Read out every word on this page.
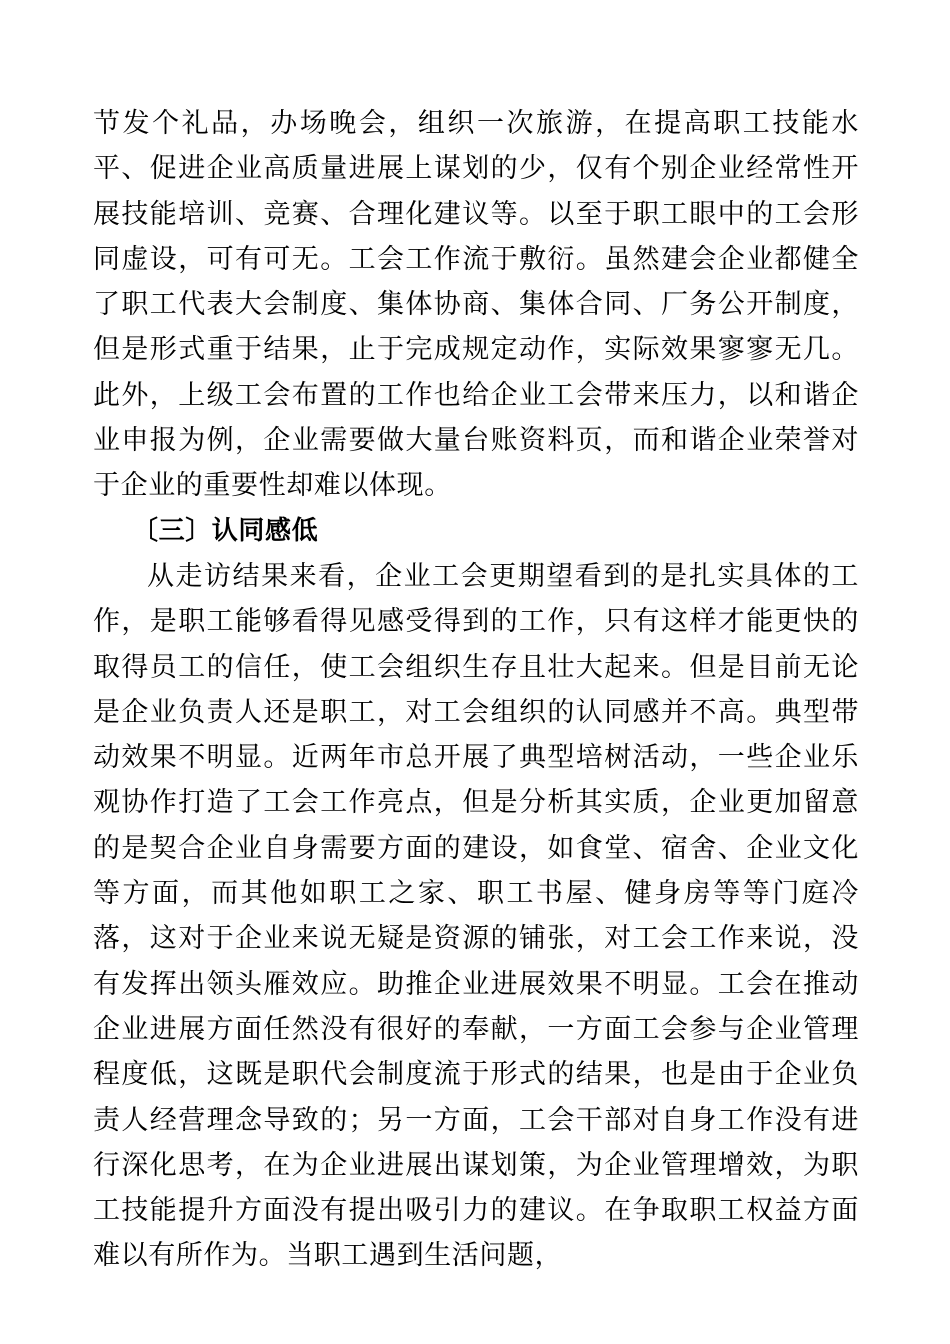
节发个礼品，办场晚会，组织一次旅游，在提高职工技能水平、促进企业高质量进展上谋划的少，仅有个别企业经常性开展技能培训、竞赛、合理化建议等。以至于职工眼中的工会形同虚设，可有可无。工会工作流于敷衍。虽然建会企业都健全了职工代表大会制度、集体协商、集体合同、厂务公开制度，但是形式重于结果，止于完成规定动作，实际效果寥寥无几。此外，上级工会布置的工作也给企业工会带来压力，以和谐企业申报为例，企业需要做大量台账资料页，而和谐企业荣誉对于企业的重要性却难以体现。

〔三〕认同感低

从走访结果来看，企业工会更期望看到的是扎实具体的工作，是职工能够看得见感受得到的工作，只有这样才能更快的取得员工的信任，使工会组织生存且壮大起来。但是目前无论是企业负责人还是职工，对工会组织的认同感并不高。典型带动效果不明显。近两年市总开展了典型培树活动，一些企业乐观协作打造了工会工作亮点，但是分析其实质，企业更加留意的是契合企业自身需要方面的建设，如食堂、宿舍、企业文化等方面，而其他如职工之家、职工书屋、健身房等等门庭冷落，这对于企业来说无疑是资源的铺张，对工会工作来说，没有发挥出领头雁效应。助推企业进展效果不明显。工会在推动企业进展方面任然没有很好的奉献，一方面工会参与企业管理程度低，这既是职代会制度流于形式的结果，也是由于企业负责人经营理念导致的；另一方面，工会干部对自身工作没有进行深化思考，在为企业进展出谋划策，为企业管理增效，为职工技能提升方面没有提出吸引力的建议。在争取职工权益方面难以有所作为。当职工遇到生活问题，
